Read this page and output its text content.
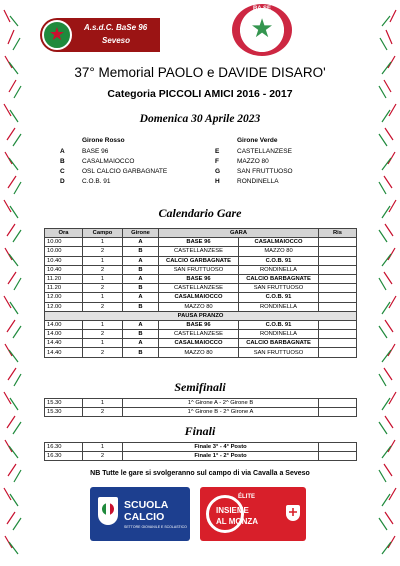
★
A.s.d.C. BaSe 96
Seveso
BA SE
★
96
37° Memorial PAOLO e DAVIDE DISARO'
Categoria PICCOLI AMICI 2016 - 2017
Domenica 30 Aprile 2023
Girone Rosso
A	BASE 96
B	CASALMAIOCCO
C	OSL CALCIO GARBAGNATE
D	C.O.B. 91
Girone Verde
E	CASTELLANZESE
F	MAZZO 80
G	SAN FRUTTUOSO
H	RONDINELLA
Calendario Gare
Ora	Campo	Girone	GARA		Ris
10.00	1	A	BASE 96	CASALMAIOCCO	
10.00	2	B	CASTELLANZESE	MAZZO 80	
10.40	1	A	CALCIO GARBAGNATE	C.O.B. 91	
10.40	2	B	SAN FRUTTUOSO	RONDINELLA	
11.20	1	A	BASE 96	CALCIO BARBAGNATE	
11.20	2	B	CASTELLANZESE	SAN FRUTTUOSO	
12.00	1	A	CASALMAIOCCO	C.O.B. 91	
12.00	2	B	MAZZO 80	RONDINELLA	
PAUSA PRANZO					
14.00	1	A	BASE 96	C.O.B. 91	
14.00	2	B	CASTELLANZESE	RONDINELLA	
14.40	1	A	CASALMAIOCCO	CALCIO BARBAGNATE	
14.40	2	B	MAZZO 80	SAN FRUTTUOSO	
Semifinali
15.30	1	1^ Girone A - 2^ Girone B	
15.30	2	1^ Girone B - 2^ Girone A	
Finali
16.30	1	Finale 3° - 4° Posto	
16.30	2	Finale 1° - 2° Posto	
NB Tutte le gare si svolgeranno sul campo di via Cavalla a Seveso
SCUOLA
CALCIO
SETTORE GIOVANILE E SCOLASTICO
ÉLITE
INSIEME
AL MONZA
